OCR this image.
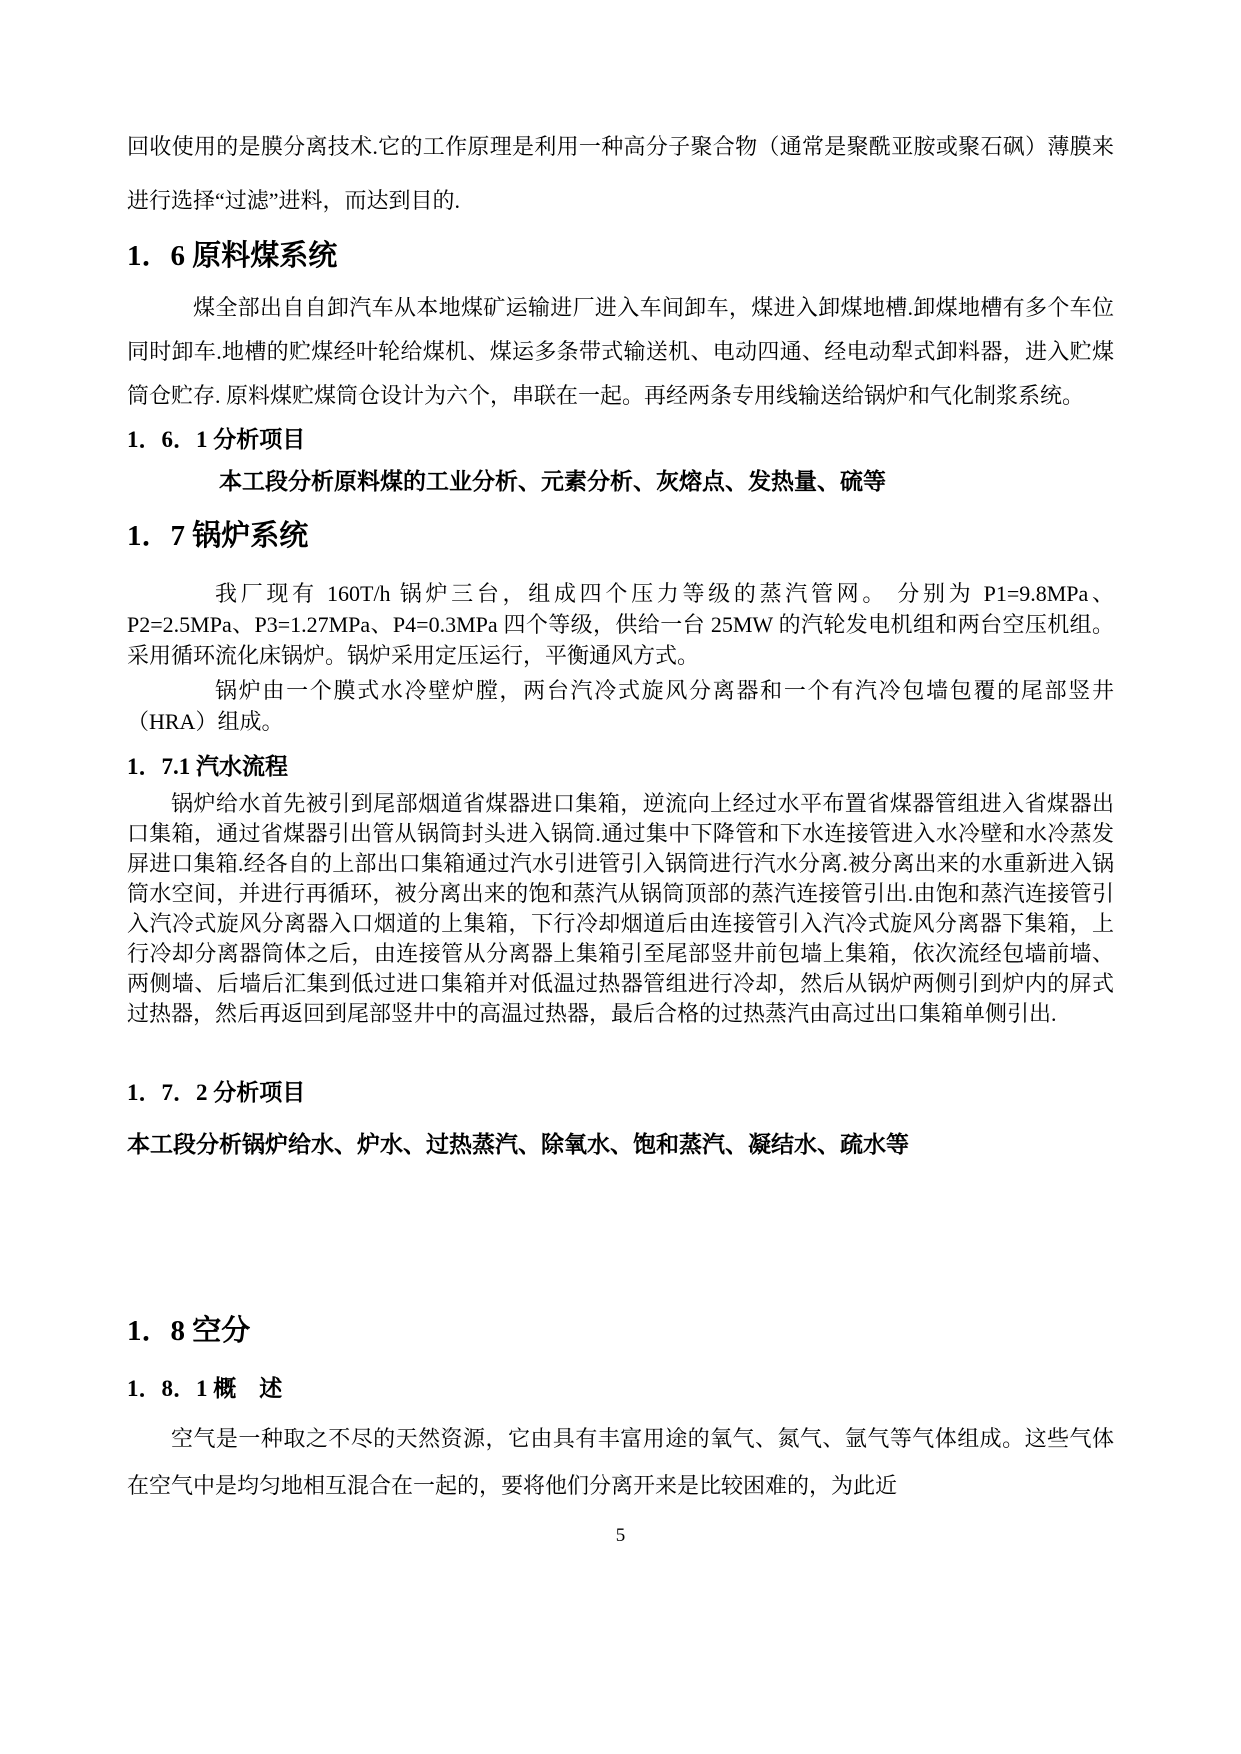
回收使用的是膜分离技术.它的工作原理是利用一种高分子聚合物（通常是聚酰亚胺或聚石砜）薄膜来进行选择“过滤”进料，而达到目的.

1．6 原料煤系统

煤全部出自自卸汽车从本地煤矿运输进厂进入车间卸车，煤进入卸煤地槽.卸煤地槽有多个车位同时卸车.地槽的贮煤经叶轮给煤机、煤运多条带式输送机、电动四通、经电动犁式卸料器，进入贮煤筒仓贮存. 原料煤贮煤筒仓设计为六个，串联在一起。再经两条专用线输送给锅炉和气化制浆系统。

1．6．1 分析项目

本工段分析原料煤的工业分析、元素分析、灰熔点、发热量、硫等

1．7 锅炉系统

我厂现有 160T/h 锅炉三台，组成四个压力等级的蒸汽管网。 分别为 P1=9.8MPa、P2=2.5MPa、P3=1.27MPa、P4=0.3MPa 四个等级，供给一台 25MW 的汽轮发电机组和两台空压机组。采用循环流化床锅炉。锅炉采用定压运行，平衡通风方式。

锅炉由一个膜式水冷壁炉膛，两台汽冷式旋风分离器和一个有汽冷包墙包覆的尾部竖井（HRA）组成。

1．7.1 汽水流程

锅炉给水首先被引到尾部烟道省煤器进口集箱，逆流向上经过水平布置省煤器管组进入省煤器出口集箱，通过省煤器引出管从锅筒封头进入锅筒.通过集中下降管和下水连接管进入水冷壁和水冷蒸发屏进口集箱.经各自的上部出口集箱通过汽水引进管引入锅筒进行汽水分离.被分离出来的水重新进入锅筒水空间，并进行再循环，被分离出来的饱和蒸汽从锅筒顶部的蒸汽连接管引出.由饱和蒸汽连接管引入汽冷式旋风分离器入口烟道的上集箱，下行冷却烟道后由连接管引入汽冷式旋风分离器下集箱，上行冷却分离器筒体之后，由连接管从分离器上集箱引至尾部竖井前包墙上集箱，依次流经包墙前墙、两侧墙、后墙后汇集到低过进口集箱并对低温过热器管组进行冷却，然后从锅炉两侧引到炉内的屏式过热器，然后再返回到尾部竖井中的高温过热器，最后合格的过热蒸汽由高过出口集箱单侧引出.

1．7．2 分析项目

本工段分析锅炉给水、炉水、过热蒸汽、除氧水、饱和蒸汽、凝结水、疏水等

1．8 空分
1．8．1 概　述

空气是一种取之不尽的天然资源，它由具有丰富用途的氧气、氮气、氩气等气体组成。这些气体在空气中是均匀地相互混合在一起的，要将他们分离开来是比较困难的，为此近

5
